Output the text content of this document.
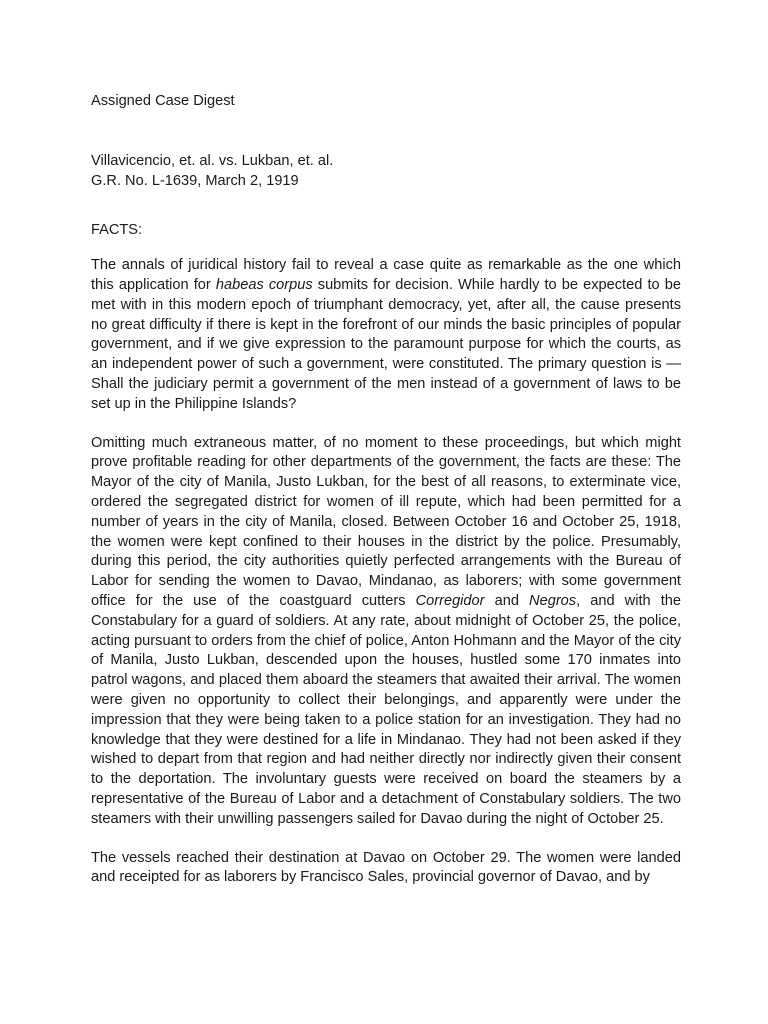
Assigned Case Digest
Villavicencio, et. al. vs. Lukban, et. al.
G.R. No. L-1639, March 2, 1919
FACTS:

The annals of juridical history fail to reveal a case quite as remarkable as the one which this application for habeas corpus submits for decision. While hardly to be expected to be met with in this modern epoch of triumphant democracy, yet, after all, the cause presents no great difficulty if there is kept in the forefront of our minds the basic principles of popular government, and if we give expression to the paramount purpose for which the courts, as an independent power of such a government, were constituted. The primary question is — Shall the judiciary permit a government of the men instead of a government of laws to be set up in the Philippine Islands?

Omitting much extraneous matter, of no moment to these proceedings, but which might prove profitable reading for other departments of the government, the facts are these: The Mayor of the city of Manila, Justo Lukban, for the best of all reasons, to exterminate vice, ordered the segregated district for women of ill repute, which had been permitted for a number of years in the city of Manila, closed. Between October 16 and October 25, 1918, the women were kept confined to their houses in the district by the police. Presumably, during this period, the city authorities quietly perfected arrangements with the Bureau of Labor for sending the women to Davao, Mindanao, as laborers; with some government office for the use of the coastguard cutters Corregidor and Negros, and with the Constabulary for a guard of soldiers. At any rate, about midnight of October 25, the police, acting pursuant to orders from the chief of police, Anton Hohmann and the Mayor of the city of Manila, Justo Lukban, descended upon the houses, hustled some 170 inmates into patrol wagons, and placed them aboard the steamers that awaited their arrival. The women were given no opportunity to collect their belongings, and apparently were under the impression that they were being taken to a police station for an investigation. They had no knowledge that they were destined for a life in Mindanao. They had not been asked if they wished to depart from that region and had neither directly nor indirectly given their consent to the deportation. The involuntary guests were received on board the steamers by a representative of the Bureau of Labor and a detachment of Constabulary soldiers. The two steamers with their unwilling passengers sailed for Davao during the night of October 25.

The vessels reached their destination at Davao on October 29. The women were landed and receipted for as laborers by Francisco Sales, provincial governor of Davao, and by
